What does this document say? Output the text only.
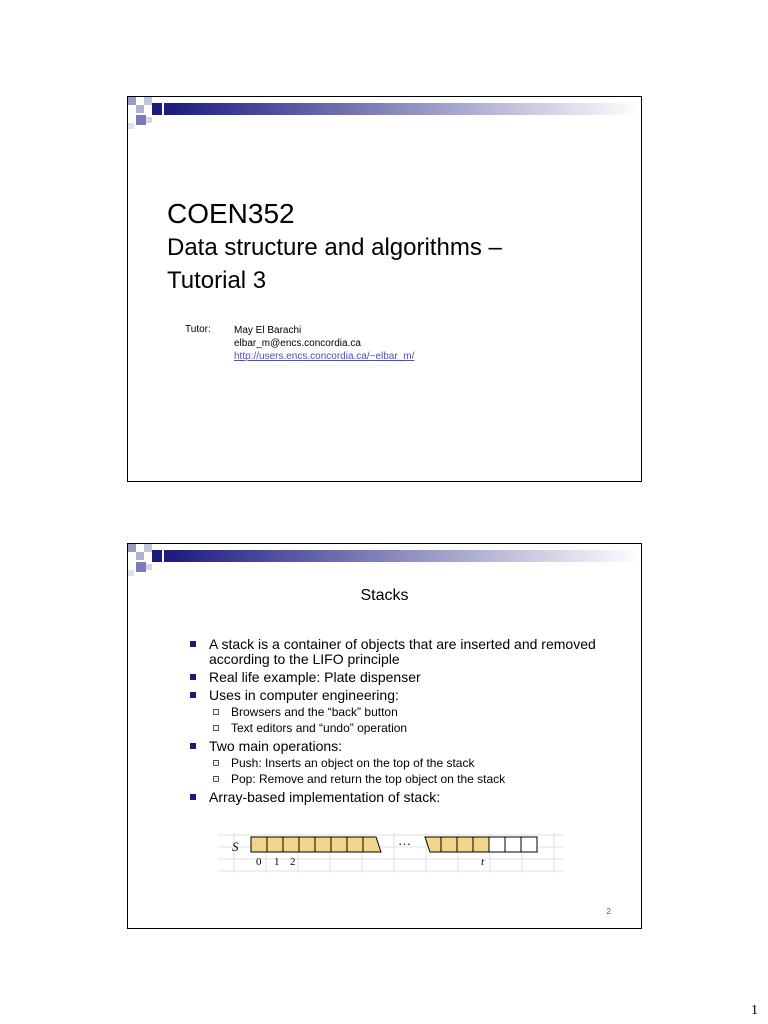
COEN352
Data structure and algorithms –
Tutorial 3
Tutor: May El Barachi
elbar_m@encs.concordia.ca
http://users.encs.concordia.ca/~elbar_m/
Stacks
A stack is a container of objects that are inserted and removed according to the LIFO principle
Real life example: Plate dispenser
Uses in computer engineering:
Browsers and the “back” button
Text editors and “undo” operation
Two main operations:
Push: Inserts an object on the top of the stack
Pop: Remove and return the top object on the stack
Array-based implementation of stack:
S	…
0 1 2	t
2
1
